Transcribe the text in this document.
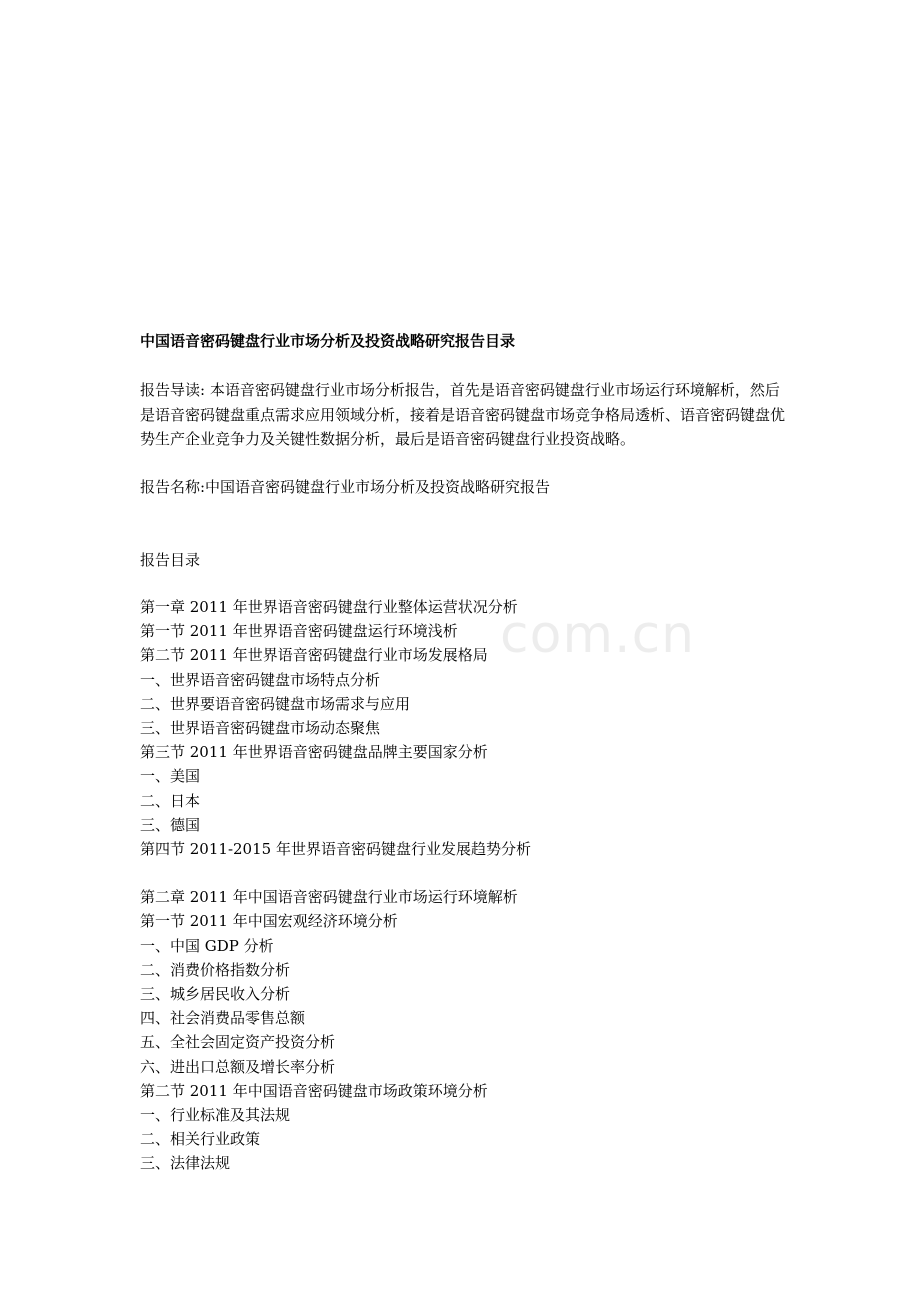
com.cn
中国语音密码键盘行业市场分析及投资战略研究报告目录
报告导读: 本语音密码键盘行业市场分析报告，首先是语音密码键盘行业市场运行环境解析，然后是语音密码键盘重点需求应用领域分析，接着是语音密码键盘市场竞争格局透析、语音密码键盘优势生产企业竞争力及关键性数据分析，最后是语音密码键盘行业投资战略。
报告名称:中国语音密码键盘行业市场分析及投资战略研究报告
报告目录
第一章 2011 年世界语音密码键盘行业整体运营状况分析
第一节 2011 年世界语音密码键盘运行环境浅析
第二节 2011 年世界语音密码键盘行业市场发展格局
一、世界语音密码键盘市场特点分析
二、世界要语音密码键盘市场需求与应用
三、世界语音密码键盘市场动态聚焦
第三节 2011 年世界语音密码键盘品牌主要国家分析
一、美国
二、日本
三、德国
第四节 2011-2015 年世界语音密码键盘行业发展趋势分析
第二章 2011 年中国语音密码键盘行业市场运行环境解析
第一节 2011 年中国宏观经济环境分析
一、中国 GDP 分析
二、消费价格指数分析
三、城乡居民收入分析
四、社会消费品零售总额
五、全社会固定资产投资分析
六、进出口总额及增长率分析
第二节 2011 年中国语音密码键盘市场政策环境分析
一、行业标准及其法规
二、相关行业政策
三、法律法规
